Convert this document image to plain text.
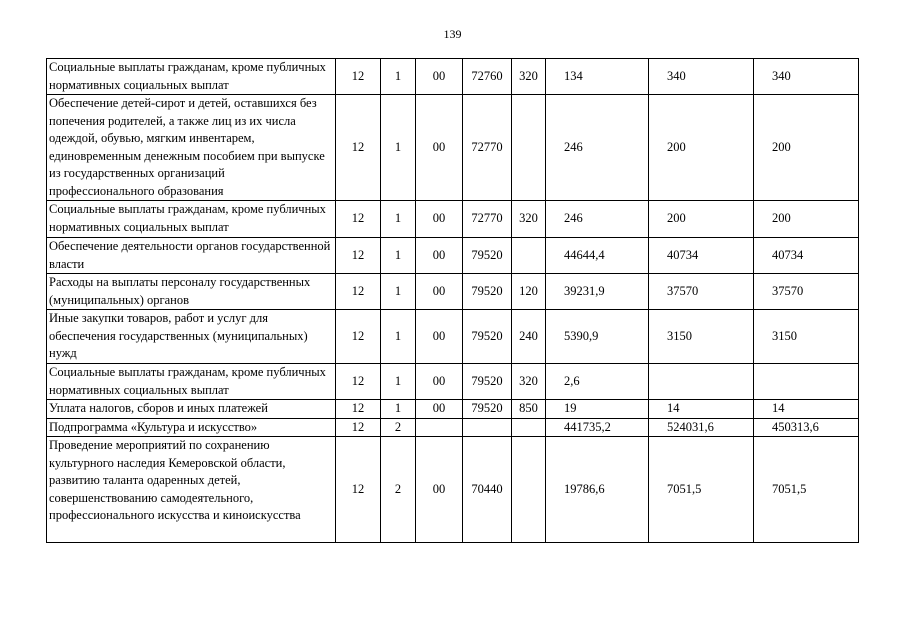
139
Социальные выплаты гражданам, кроме публичных нормативных социальных выплат	12	1	00	72760	320	134	340	340
Обеспечение детей-сирот и детей, оставшихся без попечения родителей, а также лиц из их числа одеждой, обувью, мягким инвентарем, единовременным денежным пособием при выпуске из государственных организаций профессионального образования	12	1	00	72770		246	200	200
Социальные выплаты гражданам, кроме публичных нормативных социальных выплат	12	1	00	72770	320	246	200	200
Обеспечение деятельности органов государственной власти	12	1	00	79520		44644,4	40734	40734
Расходы на выплаты персоналу государственных (муниципальных) органов	12	1	00	79520	120	39231,9	37570	37570
Иные закупки товаров, работ и услуг для обеспечения государственных (муниципальных) нужд	12	1	00	79520	240	5390,9	3150	3150
Социальные выплаты гражданам, кроме публичных нормативных социальных выплат	12	1	00	79520	320	2,6		
Уплата налогов, сборов и иных платежей	12	1	00	79520	850	19	14	14
Подпрограмма «Культура и искусство»	12	2				441735,2	524031,6	450313,6
Проведение мероприятий по сохранению культурного наследия Кемеровской области, развитию таланта одаренных детей, совершенствованию самодеятельного, профессионального искусства и киноискусства	12	2	00	70440		19786,6	7051,5	7051,5
